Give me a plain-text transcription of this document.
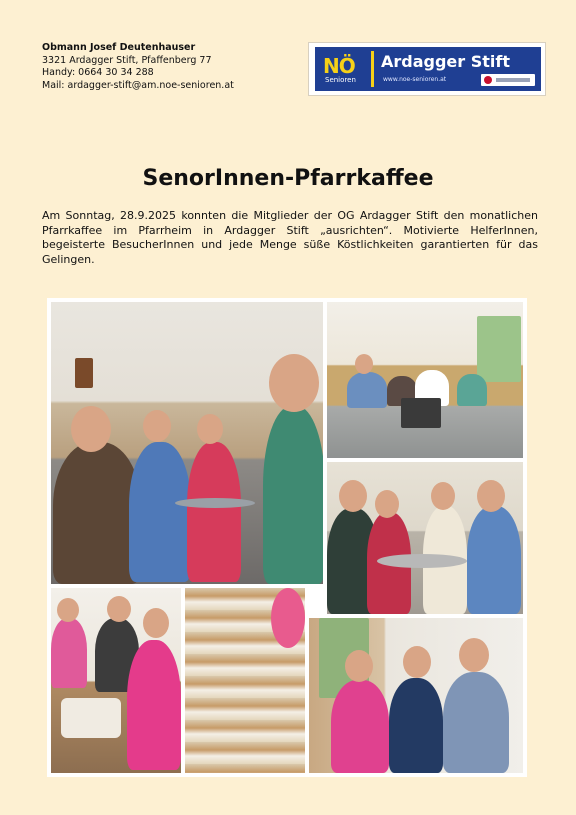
Obmann Josef Deutenhauser
3321 Ardagger Stift, Pfaffenberg 77
Handy: 0664 30 34 288
Mail: ardagger-stift@am.noe-senioren.at
NÖ
Senioren
Ardagger Stift
www.noe-senioren.at
SenorInnen-Pfarrkaffee

Am Sonntag, 28.9.2025 konnten die Mitglieder der OG Ardagger Stift den monatlichen Pfarrkaffee im Pfarrheim in Ardagger Stift „ausrichten“. Motivierte HelferInnen, begeisterte BesucherInnen und jede Menge süße Köstlichkeiten garantierten für das Gelingen.
